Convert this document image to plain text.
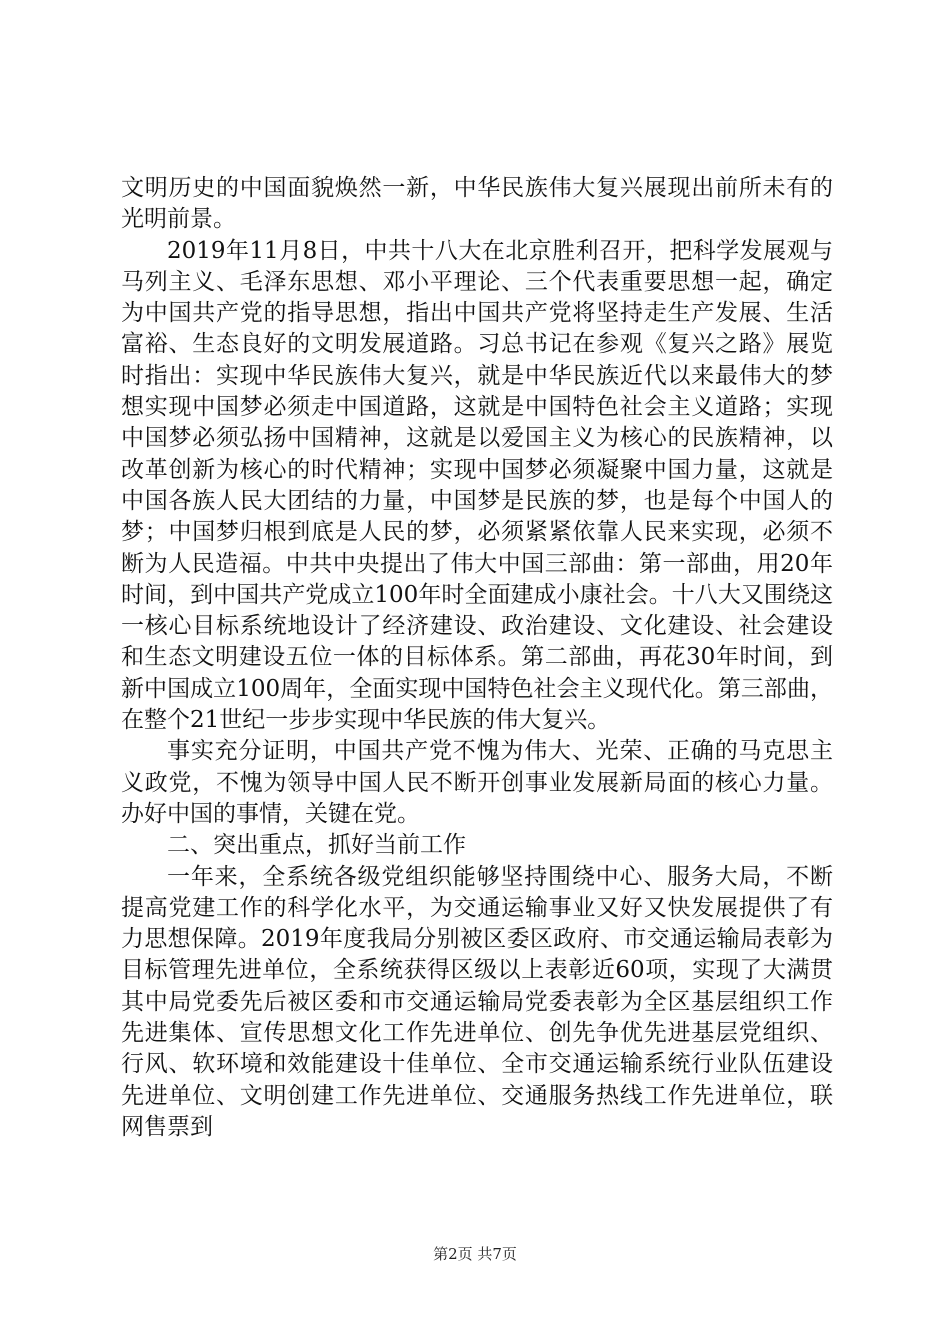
文明历史的中国面貌焕然一新，中华民族伟大复兴展现出前所未有的光明前景。

2019年11月8日，中共十八大在北京胜利召开，把科学发展观与马列主义、毛泽东思想、邓小平理论、三个代表重要思想一起，确定为中国共产党的指导思想，指出中国共产党将坚持走生产发展、生活富裕、生态良好的文明发展道路。习总书记在参观《复兴之路》展览时指出：实现中华民族伟大复兴，就是中华民族近代以来最伟大的梦想实现中国梦必须走中国道路，这就是中国特色社会主义道路；实现中国梦必须弘扬中国精神，这就是以爱国主义为核心的民族精神，以改革创新为核心的时代精神；实现中国梦必须凝聚中国力量，这就是中国各族人民大团结的力量，中国梦是民族的梦，也是每个中国人的梦；中国梦归根到底是人民的梦，必须紧紧依靠人民来实现，必须不断为人民造福。中共中央提出了伟大中国三部曲：第一部曲，用20年时间，到中国共产党成立100年时全面建成小康社会。十八大又围绕这一核心目标系统地设计了经济建设、政治建设、文化建设、社会建设和生态文明建设五位一体的目标体系。第二部曲，再花30年时间，到新中国成立100周年，全面实现中国特色社会主义现代化。第三部曲，在整个21世纪一步步实现中华民族的伟大复兴。

事实充分证明，中国共产党不愧为伟大、光荣、正确的马克思主义政党，不愧为领导中国人民不断开创事业发展新局面的核心力量。办好中国的事情，关键在党。

二、突出重点，抓好当前工作

一年来，全系统各级党组织能够坚持围绕中心、服务大局，不断提高党建工作的科学化水平，为交通运输事业又好又快发展提供了有力思想保障。2019年度我局分别被区委区政府、市交通运输局表彰为目标管理先进单位，全系统获得区级以上表彰近60项，实现了大满贯其中局党委先后被区委和市交通运输局党委表彰为全区基层组织工作先进集体、宣传思想文化工作先进单位、创先争优先进基层党组织、行风、软环境和效能建设十佳单位、全市交通运输系统行业队伍建设先进单位、文明创建工作先进单位、交通服务热线工作先进单位，联网售票到

第2页 共7页
